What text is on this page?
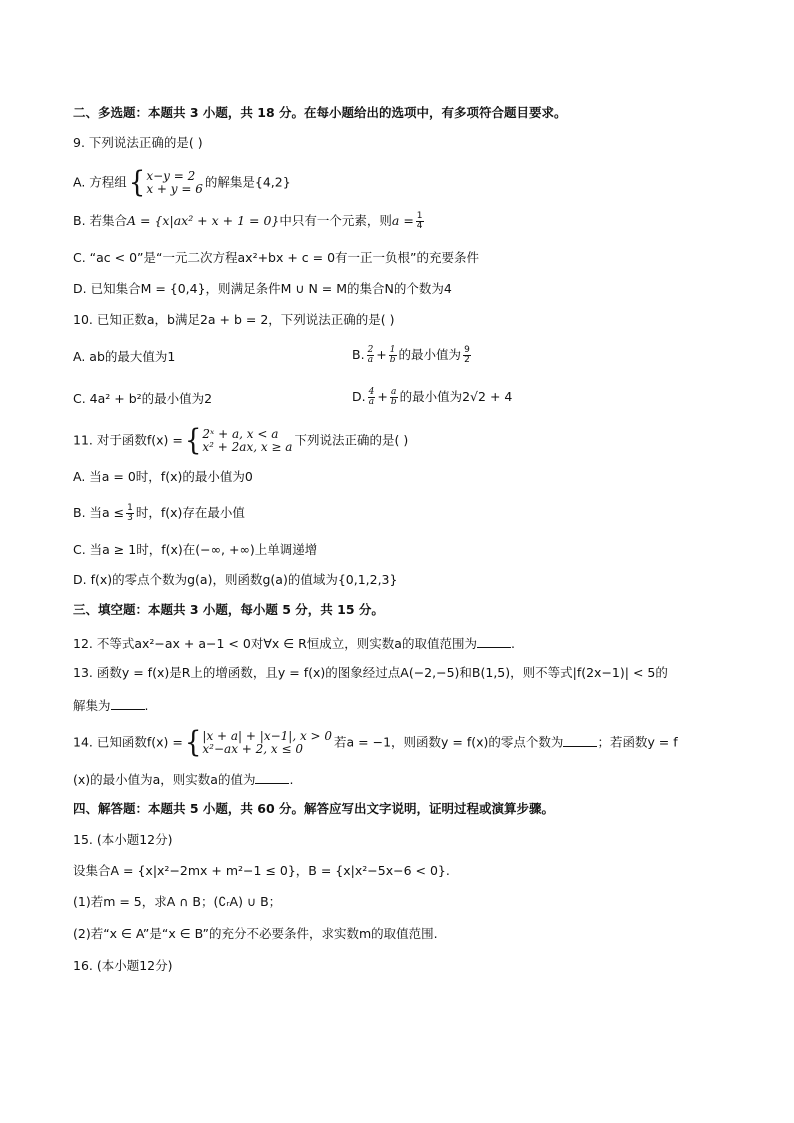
二、多选题：本题共 3 小题，共 18 分。在每小题给出的选项中，有多项符合题目要求。
9. 下列说法正确的是( )
A. 方程组 { x−y = 2
x + y = 6 的解集是{4,2}
B. 若集合A = {x|ax² + x + 1 = 0}中只有一个元素，则$a = \frac{1}{4}$
C. “ac < 0”是“一元二次方程ax²+bx + c = 0有一正一负根”的充要条件
D. 已知集合M = {0,4}，则满足条件M ∪ N = M的集合N的个数为4
10. 已知正数a，b满足2a + b = 2，下列说法正确的是( )
A. ab的最大值为1	B. $\frac{2}{a} + \frac{1}{b}$ 的最小值为 $\frac{9}{2}$
C. 4a² + b²的最小值为2	D. $\frac{4}{a} + \frac{a}{b}$ 的最小值为2√2 + 4
11. 对于函数f(x) = { 2ˣ + a, x < a
x² + 2ax, x ≥ a 下列说法正确的是( )
A. 当a = 0时，f(x)的最小值为0
B. 当$a \le \frac{1}{3}$ 时，f(x)存在最小值
C. 当a ≥ 1时，f(x)在(−∞, +∞)上单调递增
D. f(x)的零点个数为g(a)，则函数g(a)的值域为{0,1,2,3}
三、填空题：本题共 3 小题，每小题 5 分，共 15 分。
12. 不等式ax²−ax + a−1 < 0对∀x ∈ R恒成立，则实数a的取值范围为	.
13. 函数y = f(x)是R上的增函数，且y = f(x)的图象经过点A(−2,−5)和B(1,5)，则不等式|f(2x−1)| < 5的
解集为	.
14. 已知函数f(x) = { |x + a| + |x−1|, x > 0
x²−ax + 2, x ≤ 0	若a = −1，则函数y = f(x)的零点个数为	；若函数y = f
(x)的最小值为a，则实数a的值为	.
四、解答题：本题共 5 小题，共 60 分。解答应写出文字说明，证明过程或演算步骤。
15. (本小题12分)
设集合A = {x|x²−2mx + m²−1 ≤ 0}，B = {x|x²−5x−6 < 0}.
(1)若m = 5，求A ∩ B；(∁ᵣA) ∪ B；
(2)若“x ∈ A”是“x ∈ B”的充分不必要条件，求实数m的取值范围.
16. (本小题12分)
